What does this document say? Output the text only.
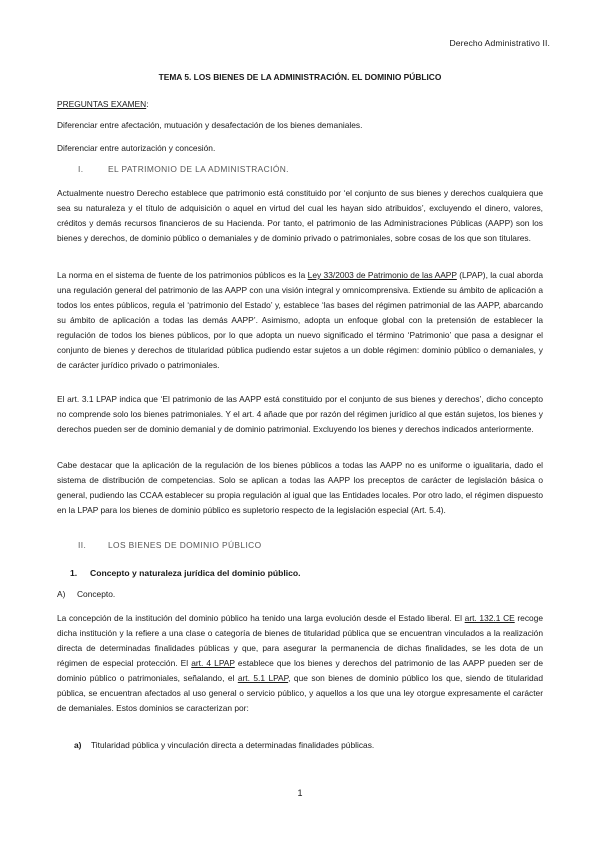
Derecho Administrativo II.
TEMA 5. LOS BIENES DE LA ADMINISTRACIÓN. EL DOMINIO PÚBLICO
PREGUNTAS EXAMEN:
Diferenciar entre afectación, mutuación y desafectación de los bienes demaniales.
Diferenciar entre autorización y concesión.
I.	EL PATRIMONIO DE LA ADMINISTRACIÓN.

Actualmente nuestro Derecho establece que patrimonio está constituido por ‘el conjunto de sus bienes y derechos cualquiera que sea su naturaleza y el título de adquisición o aquel en virtud del cual les hayan sido atribuidos’, excluyendo el dinero, valores, créditos y demás recursos financieros de su Hacienda. Por tanto, el patrimonio de las Administraciones Públicas (AAPP) son los bienes y derechos, de dominio público o demaniales y de dominio privado o patrimoniales, sobre cosas de los que son titulares.

La norma en el sistema de fuente de los patrimonios públicos es la Ley 33/2003 de Patrimonio de las AAPP (LPAP), la cual aborda una regulación general del patrimonio de las AAPP con una visión integral y omnicomprensiva. Extiende su ámbito de aplicación a todos los entes públicos, regula el ‘patrimonio del Estado’ y, establece ‘las bases del régimen patrimonial de las AAPP, abarcando su ámbito de aplicación a todas las demás AAPP’. Asimismo, adopta un enfoque global con la pretensión de establecer la regulación de todos los bienes públicos, por lo que adopta un nuevo significado el término ‘Patrimonio’ que pasa a designar el conjunto de bienes y derechos de titularidad pública pudiendo estar sujetos a un doble régimen: dominio público o demaniales, y de carácter jurídico privado o patrimoniales.

El art. 3.1 LPAP indica que ‘El patrimonio de las AAPP está constituido por el conjunto de sus bienes y derechos’, dicho concepto no comprende solo los bienes patrimoniales. Y el art. 4 añade que por razón del régimen jurídico al que están sujetos, los bienes y derechos pueden ser de dominio demanial y de dominio patrimonial. Excluyendo los bienes y derechos indicados anteriormente.

Cabe destacar que la aplicación de la regulación de los bienes públicos a todas las AAPP no es uniforme o igualitaria, dado el sistema de distribución de competencias. Solo se aplican a todas las AAPP los preceptos de carácter de legislación básica o general, pudiendo las CCAA establecer su propia regulación al igual que las Entidades locales. Por otro lado, el régimen dispuesto en la LPAP para los bienes de dominio público es supletorio respecto de la legislación especial (Art. 5.4).

II.	LOS BIENES DE DOMINIO PÚBLICO
1. Concepto y naturaleza jurídica del dominio público.
A) Concepto.

La concepción de la institución del dominio público ha tenido una larga evolución desde el Estado liberal. El art. 132.1 CE recoge dicha institución y la refiere a una clase o categoría de bienes de titularidad pública que se encuentran vinculados a la realización directa de determinadas finalidades públicas y que, para asegurar la permanencia de dichas finalidades, se les dota de un régimen de especial protección. El art. 4 LPAP establece que los bienes y derechos del patrimonio de las AAPP pueden ser de dominio público o patrimoniales, señalando, el art. 5.1 LPAP, que son bienes de dominio público los que, siendo de titularidad pública, se encuentran afectados al uso general o servicio público, y aquellos a los que una ley otorgue expresamente el carácter de demaniales. Estos dominios se caracterizan por:

a) Titularidad pública y vinculación directa a determinadas finalidades públicas.
1
